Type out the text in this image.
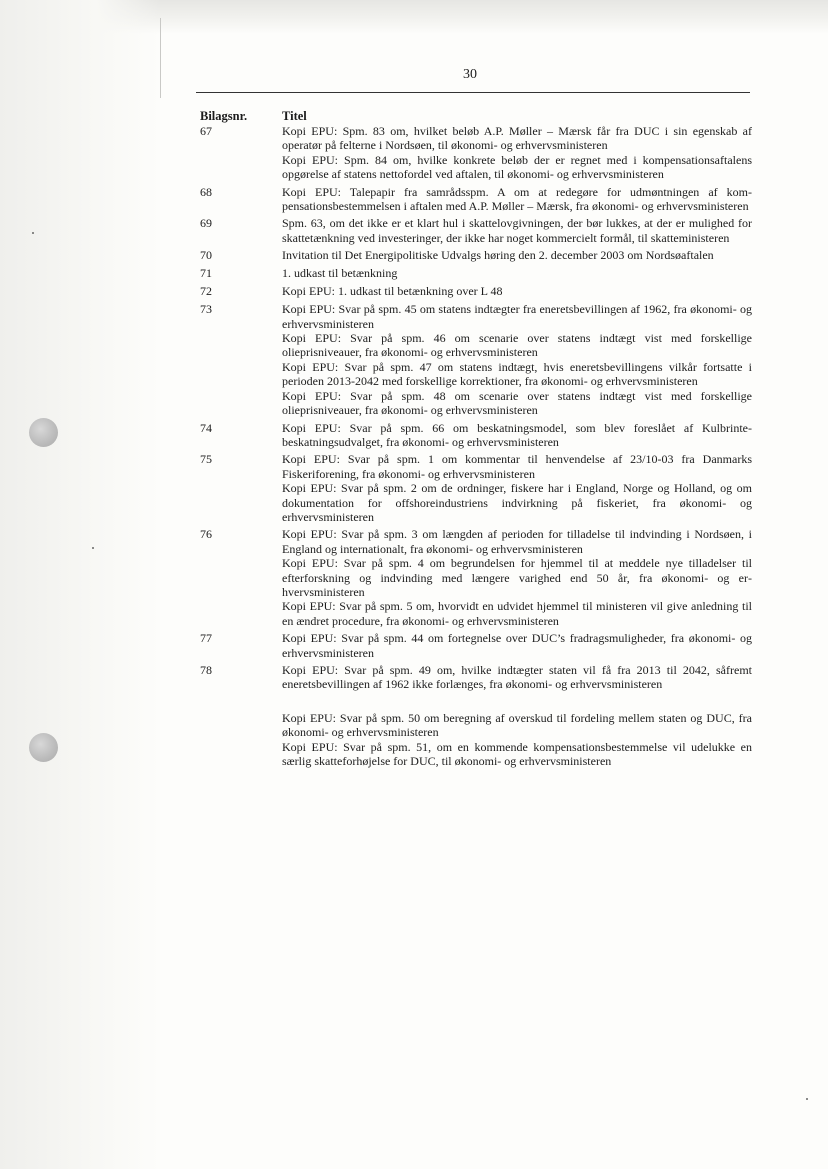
30
Bilagsnr.	Titel
67	Kopi EPU: Spm. 83 om, hvilket beløb A.P. Møller – Mærsk får fra DUC i sin egenskab af operatør på felterne i Nordsøen, til økonomi- og erhvervsministeren
Kopi EPU: Spm. 84 om, hvilke konkrete beløb der er regnet med i kompensationsaftalens opgørelse af statens nettofordel ved aftalen, til økonomi- og erhvervsministeren
68	Kopi EPU: Talepapir fra samrådsspm. A om at redegøre for udmøntningen af kompensationsbestemmelsen i aftalen med A.P. Møller – Mærsk, fra økonomi- og erhvervsministeren
69	Spm. 63, om det ikke er et klart hul i skattelovgivningen, der bør lukkes, at der er mulighed for skattetænkning ved investeringer, der ikke har noget kommercielt formål, til skatteministeren
70	Invitation til Det Energipolitiske Udvalgs høring den 2. december 2003 om Nordsøaftalen
71	1. udkast til betænkning
72	Kopi EPU: 1. udkast til betænkning over L 48
73	Kopi EPU: Svar på spm. 45 om statens indtægter fra eneretsbevillingen af 1962, fra økonomi- og erhvervsministeren
Kopi EPU: Svar på spm. 46 om scenarie over statens indtægt vist med forskellige olieprisniveauer, fra økonomi- og erhvervsministeren
Kopi EPU: Svar på spm. 47 om statens indtægt, hvis eneretsbevillingens vilkår fortsatte i perioden 2013-2042 med forskellige korrektioner, fra økonomi- og erhvervsministeren
Kopi EPU: Svar på spm. 48 om scenarie over statens indtægt vist med forskellige olieprisniveauer, fra økonomi- og erhvervsministeren
74	Kopi EPU: Svar på spm. 66 om beskatningsmodel, som blev foreslået af Kulbrintebeskatningsudvalget, fra økonomi- og erhvervsministeren
75	Kopi EPU: Svar på spm. 1 om kommentar til henvendelse af 23/10-03 fra Danmarks Fiskeriforening, fra økonomi- og erhvervsministeren
Kopi EPU: Svar på spm. 2 om de ordninger, fiskere har i England, Norge og Holland, og om dokumentation for offshoreindustriens indvirkning på fiskeriet, fra økonomi- og erhvervsministeren
76	Kopi EPU: Svar på spm. 3 om længden af perioden for tilladelse til indvinding i Nordsøen, i England og internationalt, fra økonomi- og erhvervsministeren
Kopi EPU: Svar på spm. 4 om begrundelsen for hjemmel til at meddele nye tilladelser til efterforskning og indvinding med længere varighed end 50 år, fra økonomi- og erhvervsministeren
Kopi EPU: Svar på spm. 5 om, hvorvidt en udvidet hjemmel til ministeren vil give anledning til en ændret procedure, fra økonomi- og erhvervsministeren
77	Kopi EPU: Svar på spm. 44 om fortegnelse over DUC’s fradragsmuligheder, fra økonomi- og erhvervsministeren
78	Kopi EPU: Svar på spm. 49 om, hvilke indtægter staten vil få fra 2013 til 2042, såfremt eneretsbevillingen af 1962 ikke forlænges, fra økonomi- og erhvervsministeren
Kopi EPU: Svar på spm. 50 om beregning af overskud til fordeling mellem staten og DUC, fra økonomi- og erhvervsministeren
Kopi EPU: Svar på spm. 51, om en kommende kompensationsbestemmelse vil udelukke en særlig skatteforhøjelse for DUC, til økonomi- og erhvervsministeren
